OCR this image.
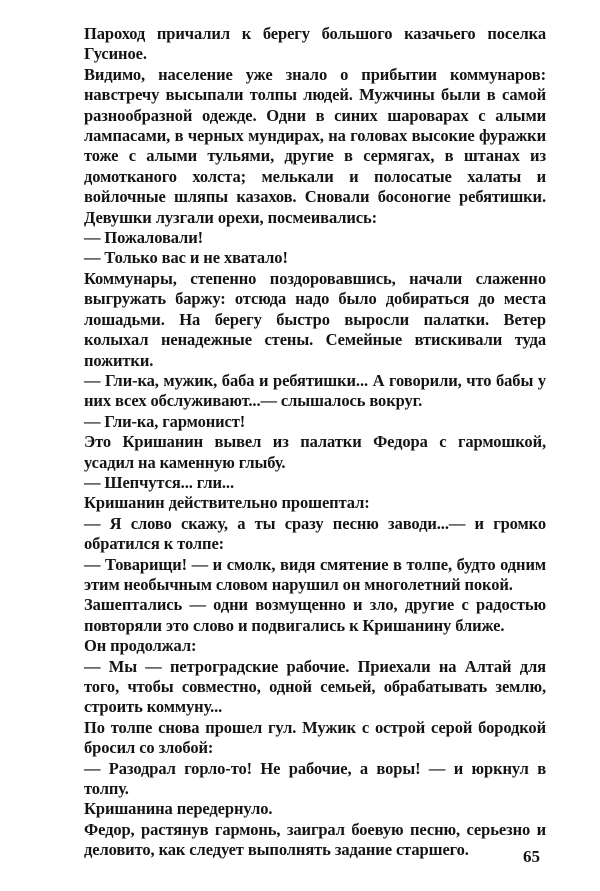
Пароход причалил к берегу большого казачьего поселка Гусиное.

Видимо, население уже знало о прибытии коммунаров: навстречу высыпали толпы людей. Мужчины были в самой разнообразной одежде. Одни в синих шароварах с алыми лампасами, в черных мундирах, на головах высокие фуражки тоже с алыми тульями, другие в сермягах, в штанах из домотканого холста; мелькали и полосатые халаты и войлочные шляпы казахов. Сновали босоногие ребятишки. Девушки лузгали орехи, посмеивались:

— Пожаловали!

— Только вас и не хватало!

Коммунары, степенно поздоровавшись, начали слаженно выгружать баржу: отсюда надо было добираться до места лошадьми. На берегу быстро выросли палатки. Ветер колыхал ненадежные стены. Семейные втискивали туда пожитки.

— Гли-ка, мужик, баба и ребятишки... А говорили, что бабы у них всех обслуживают...— слышалось вокруг.

— Гли-ка, гармонист!

Это Кришанин вывел из палатки Федора с гармошкой, усадил на каменную глыбу.

— Шепчутся... гли...

Кришанин действительно прошептал:

— Я слово скажу, а ты сразу песню заводи...— и громко обратился к толпе:

— Товарищи! — и смолк, видя смятение в толпе, будто одним этим необычным словом нарушил он многолетний покой.

Зашептались — одни возмущенно и зло, другие с радостью повторяли это слово и подвигались к Кришанину ближе.

Он продолжал:

— Мы — петроградские рабочие. Приехали на Алтай для того, чтобы совместно, одной семьей, обрабатывать землю, строить коммуну...

По толпе снова прошел гул. Мужик с острой серой бородкой бросил со злобой:

— Разодрал горло-то! Не рабочие, а воры! — и юркнул в толпу.

Кришанина передернуло.

Федор, растянув гармонь, заиграл боевую песню, серьезно и деловито, как следует выполнять задание старшего.	65
